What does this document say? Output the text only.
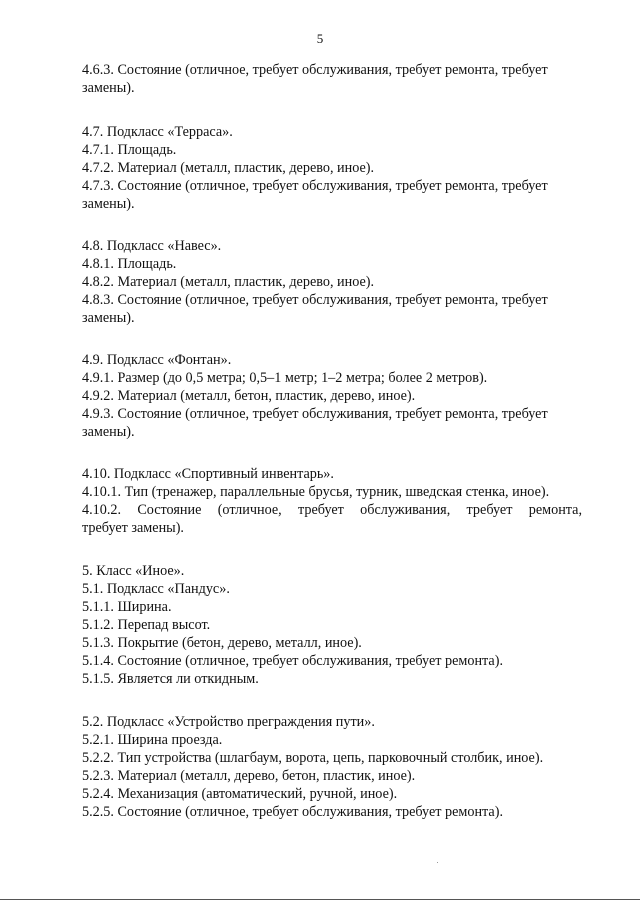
5
4.6.3. Состояние (отличное, требует обслуживания, требует ремонта, требует
замены).
4.7. Подкласс «Терраса».
4.7.1. Площадь.
4.7.2. Материал (металл, пластик, дерево, иное).
4.7.3. Состояние (отличное, требует обслуживания, требует ремонта, требует
замены).
4.8. Подкласс «Навес».
4.8.1. Площадь.
4.8.2. Материал (металл, пластик, дерево, иное).
4.8.3. Состояние (отличное, требует обслуживания, требует ремонта, требует
замены).
4.9. Подкласс «Фонтан».
4.9.1. Размер (до 0,5 метра; 0,5–1 метр; 1–2 метра; более 2 метров).
4.9.2. Материал (металл, бетон, пластик, дерево, иное).
4.9.3. Состояние (отличное, требует обслуживания, требует ремонта, требует
замены).
4.10. Подкласс «Спортивный инвентарь».
4.10.1. Тип (тренажер, параллельные брусья, турник, шведская стенка, иное).
4.10.2. Состояние (отличное, требует обслуживания, требует ремонта,
требует замены).
5. Класс «Иное».
5.1. Подкласс «Пандус».
5.1.1. Ширина.
5.1.2. Перепад высот.
5.1.3. Покрытие (бетон, дерево, металл, иное).
5.1.4. Состояние (отличное, требует обслуживания, требует ремонта).
5.1.5. Является ли откидным.
5.2. Подкласс «Устройство преграждения пути».
5.2.1. Ширина проезда.
5.2.2. Тип устройства (шлагбаум, ворота, цепь, парковочный столбик, иное).
5.2.3. Материал (металл, дерево, бетон, пластик, иное).
5.2.4. Механизация (автоматический, ручной, иное).
5.2.5. Состояние (отличное, требует обслуживания, требует ремонта).
